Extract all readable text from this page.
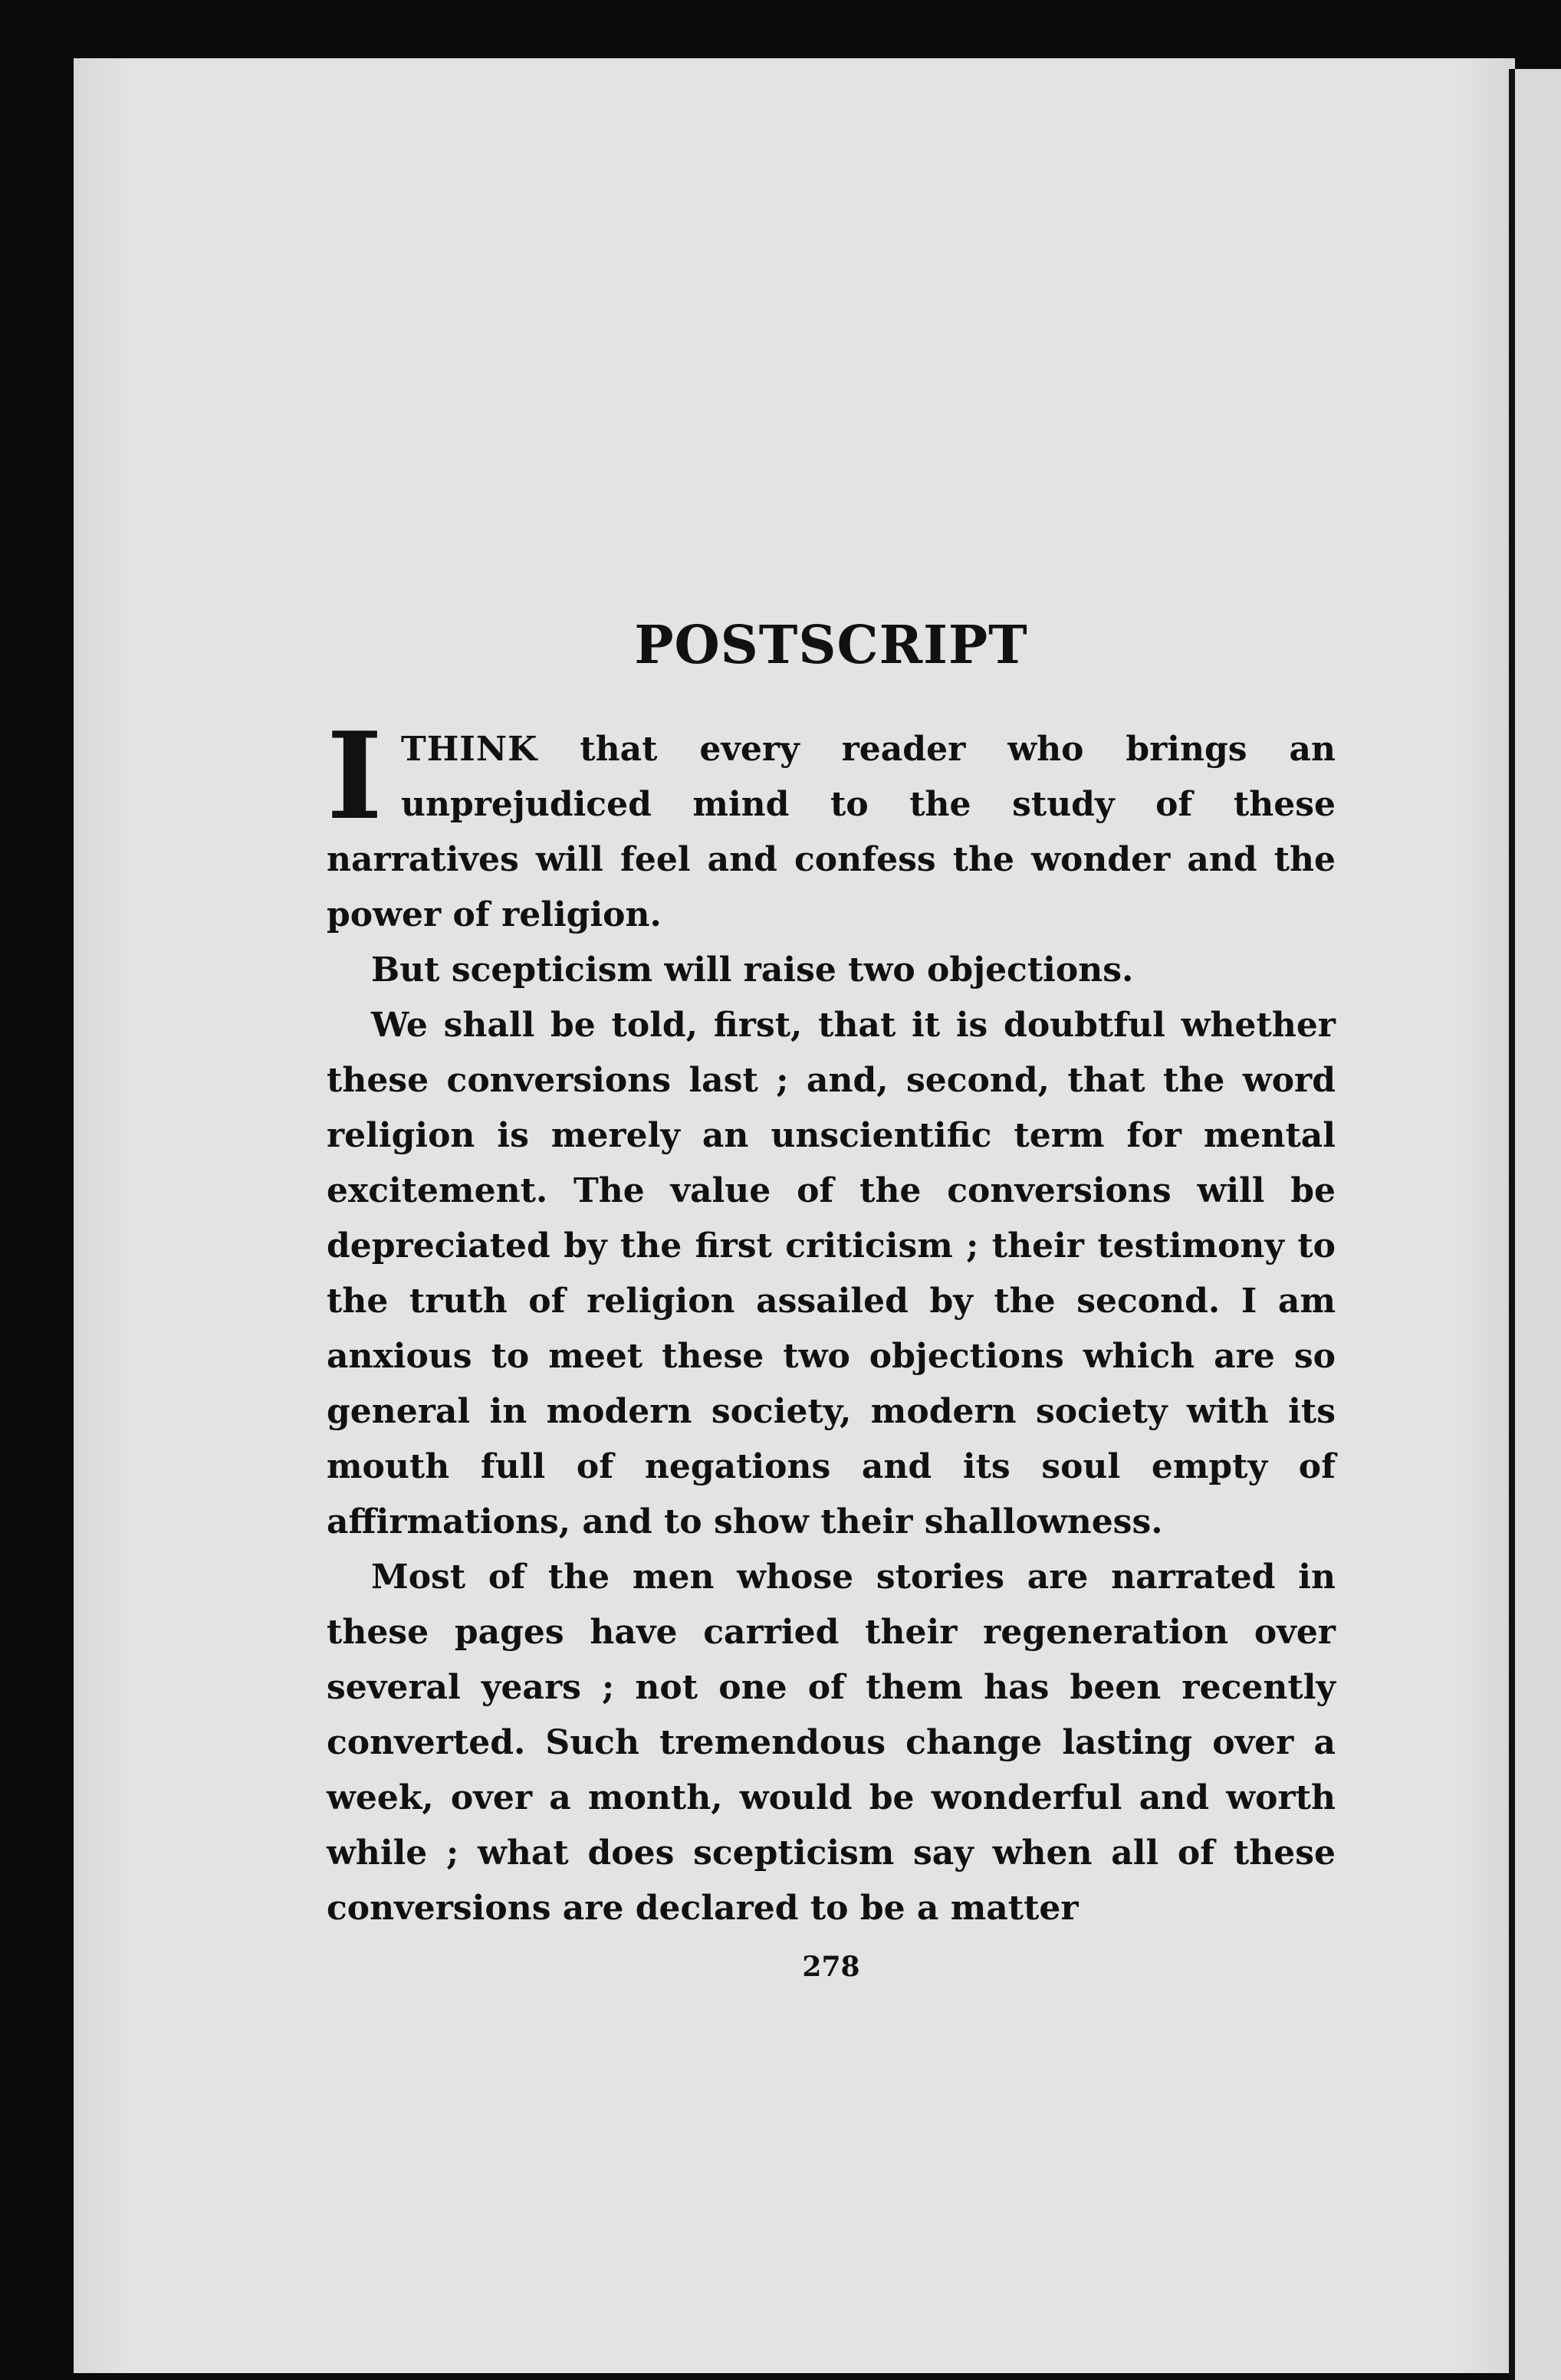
POSTSCRIPT

ITHINK that every reader who brings an unprejudiced mind to the study of these narratives will feel and confess the wonder and the power of religion.

But scepticism will raise two objections.

We shall be told, first, that it is doubtful whether these conversions last ; and, second, that the word religion is merely an unscientific term for mental excitement. The value of the conversions will be depreciated by the first criticism ; their testimony to the truth of religion assailed by the second. I am anxious to meet these two objections which are so general in modern society, modern society with its mouth full of negations and its soul empty of affirmations, and to show their shallowness.

Most of the men whose stories are narrated in these pages have carried their regeneration over several years ; not one of them has been recently converted. Such tremendous change lasting over a week, over a month, would be wonderful and worth while ; what does scepticism say when all of these conversions are declared to be a matter

278
